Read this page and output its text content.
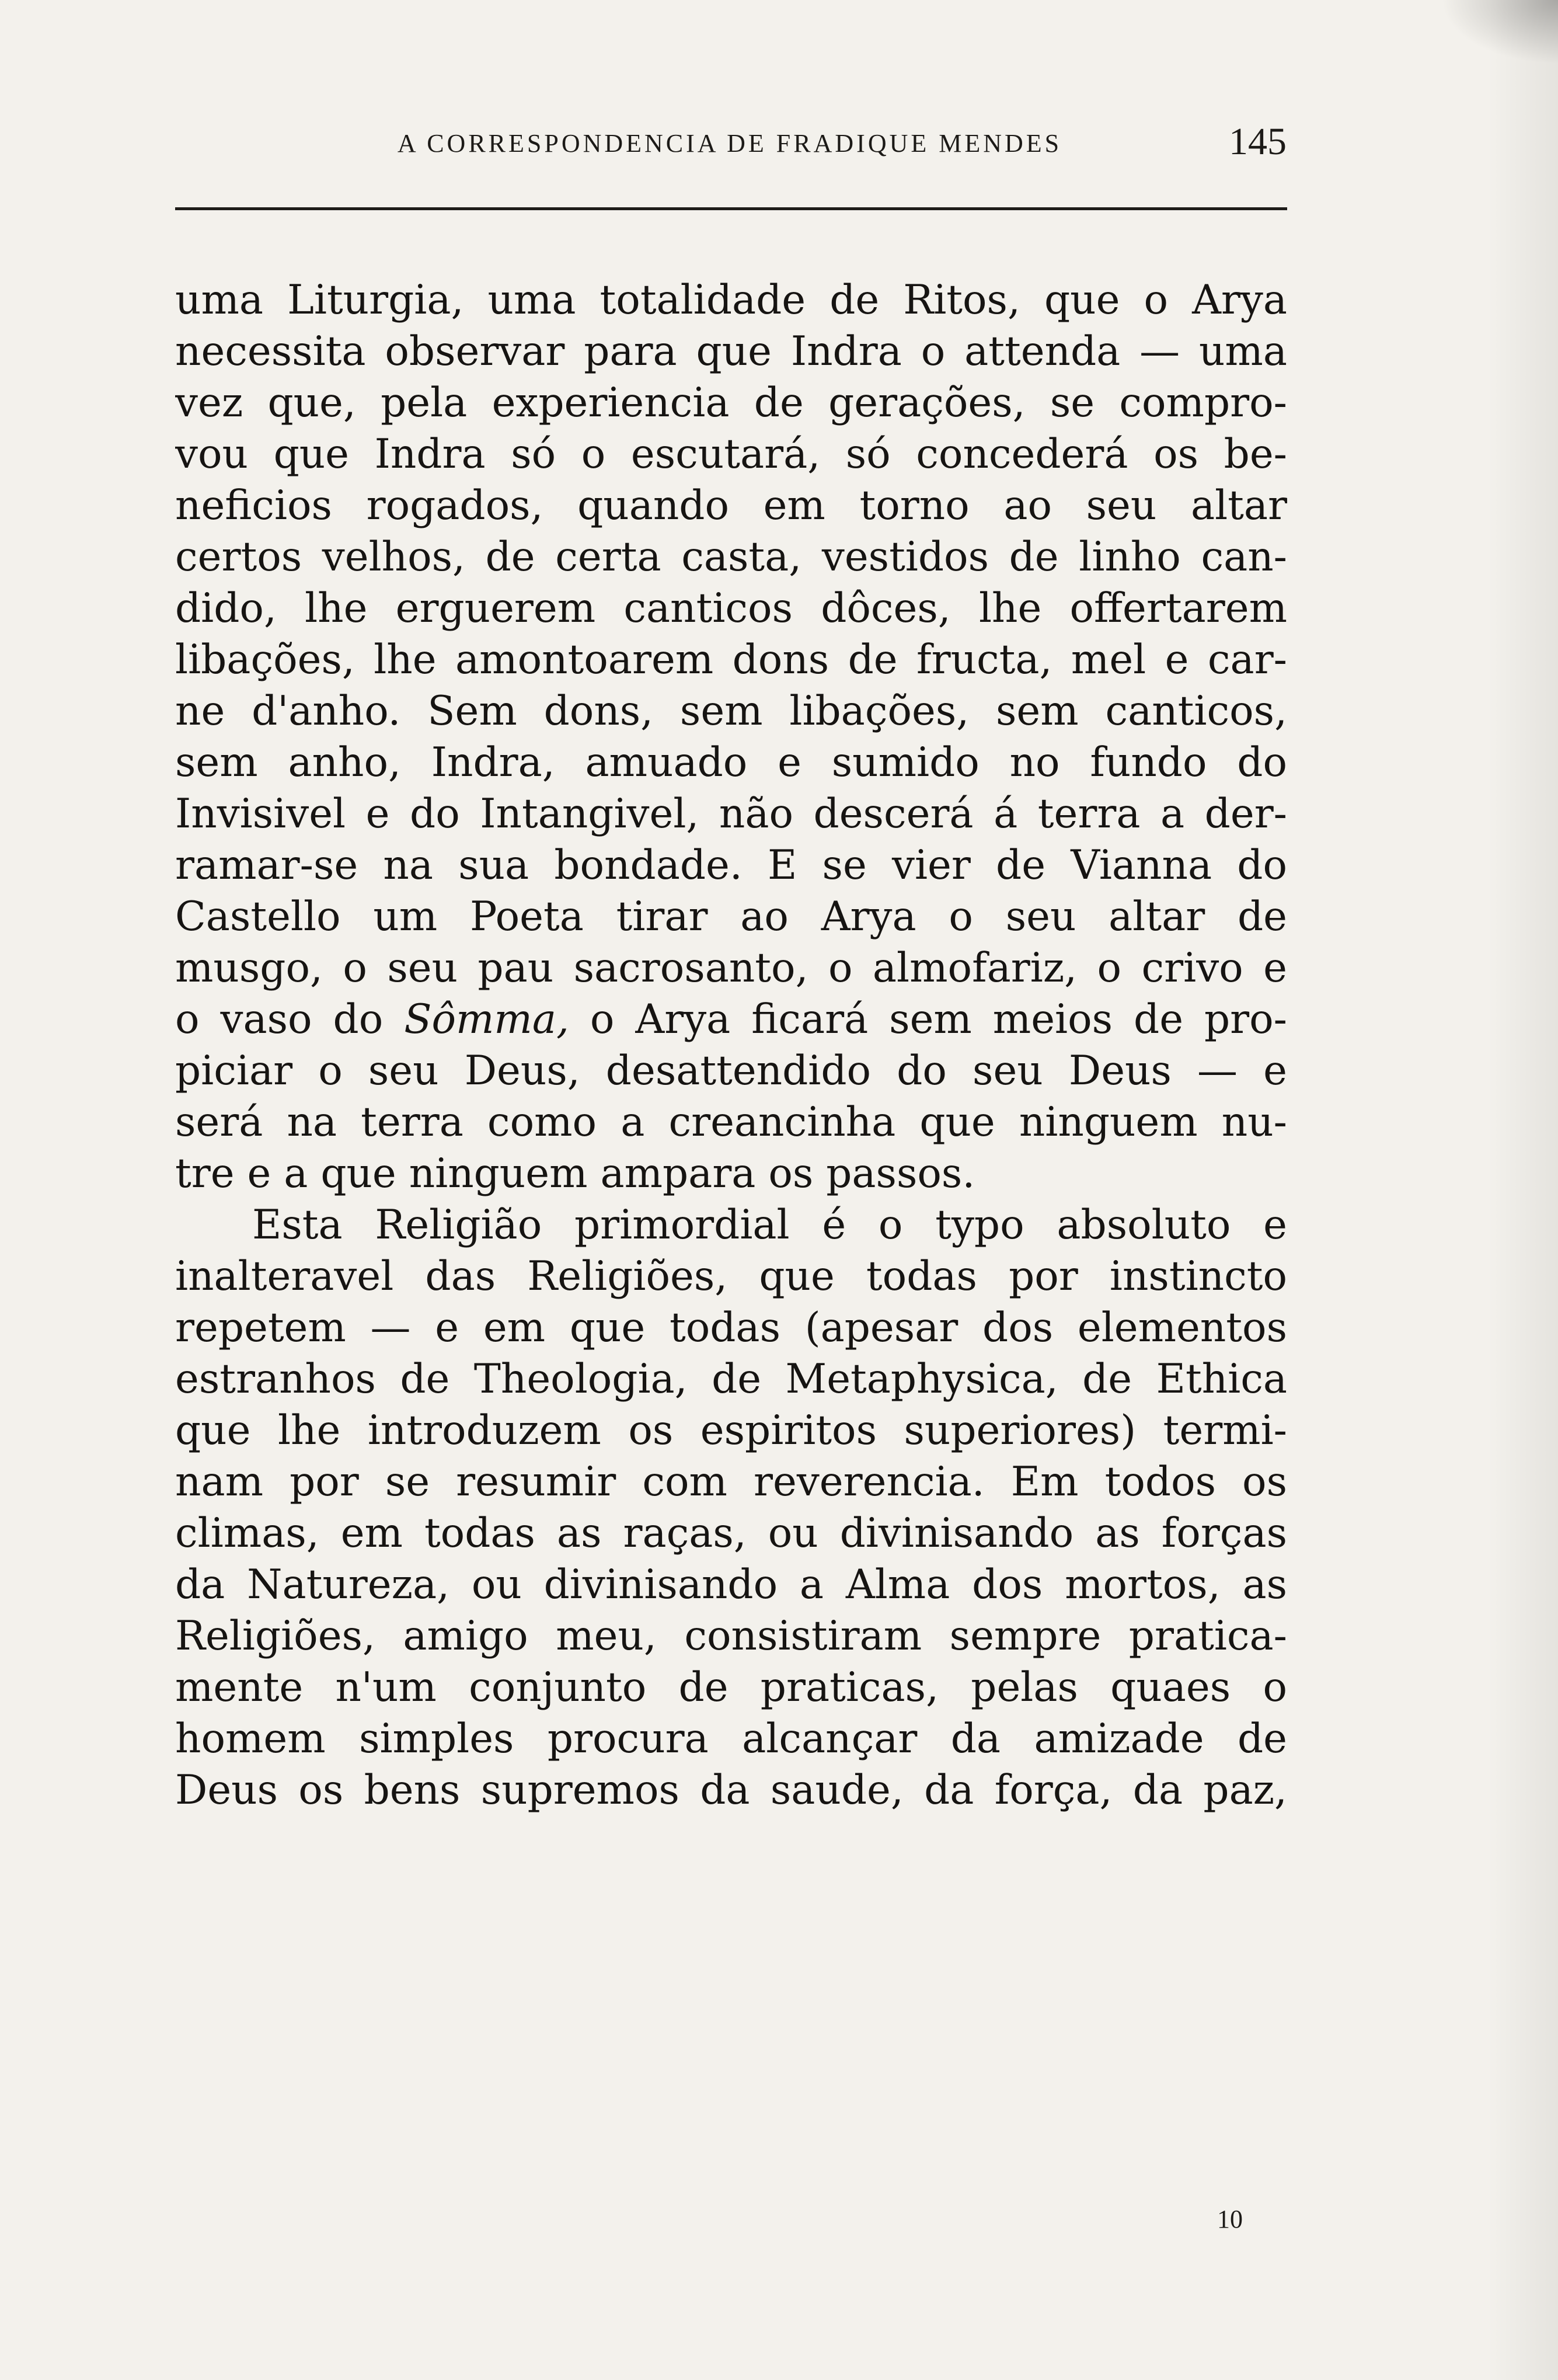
A CORRESPONDENCIA DE FRADIQUE MENDES	145
uma Liturgia, uma totalidade de Ritos, que o Arya
necessita observar para que Indra o attenda — uma
vez que, pela experiencia de gerações, se compro-
vou que Indra só o escutará, só concederá os be-
neficios rogados, quando em torno ao seu altar
certos velhos, de certa casta, vestidos de linho can-
dido, lhe erguerem canticos dôces, lhe offertarem
libações, lhe amontoarem dons de fructa, mel e car-
ne d'anho. Sem dons, sem libações, sem canticos,
sem anho, Indra, amuado e sumido no fundo do
Invisivel e do Intangivel, não descerá á terra a der-
ramar-se na sua bondade. E se vier de Vianna do
Castello um Poeta tirar ao Arya o seu altar de
musgo, o seu pau sacrosanto, o almofariz, o crivo e
o vaso do Sômma, o Arya ficará sem meios de pro-
piciar o seu Deus, desattendido do seu Deus — e
será na terra como a creancinha que ninguem nu-
tre e a que ninguem ampara os passos.
Esta Religião primordial é o typo absoluto e
inalteravel das Religiões, que todas por instincto
repetem — e em que todas (apesar dos elementos
estranhos de Theologia, de Metaphysica, de Ethica
que lhe introduzem os espiritos superiores) termi-
nam por se resumir com reverencia. Em todos os
climas, em todas as raças, ou divinisando as forças
da Natureza, ou divinisando a Alma dos mortos, as
Religiões, amigo meu, consistiram sempre pratica-
mente n'um conjunto de praticas, pelas quaes o
homem simples procura alcançar da amizade de
Deus os bens supremos da saude, da força, da paz,
10
